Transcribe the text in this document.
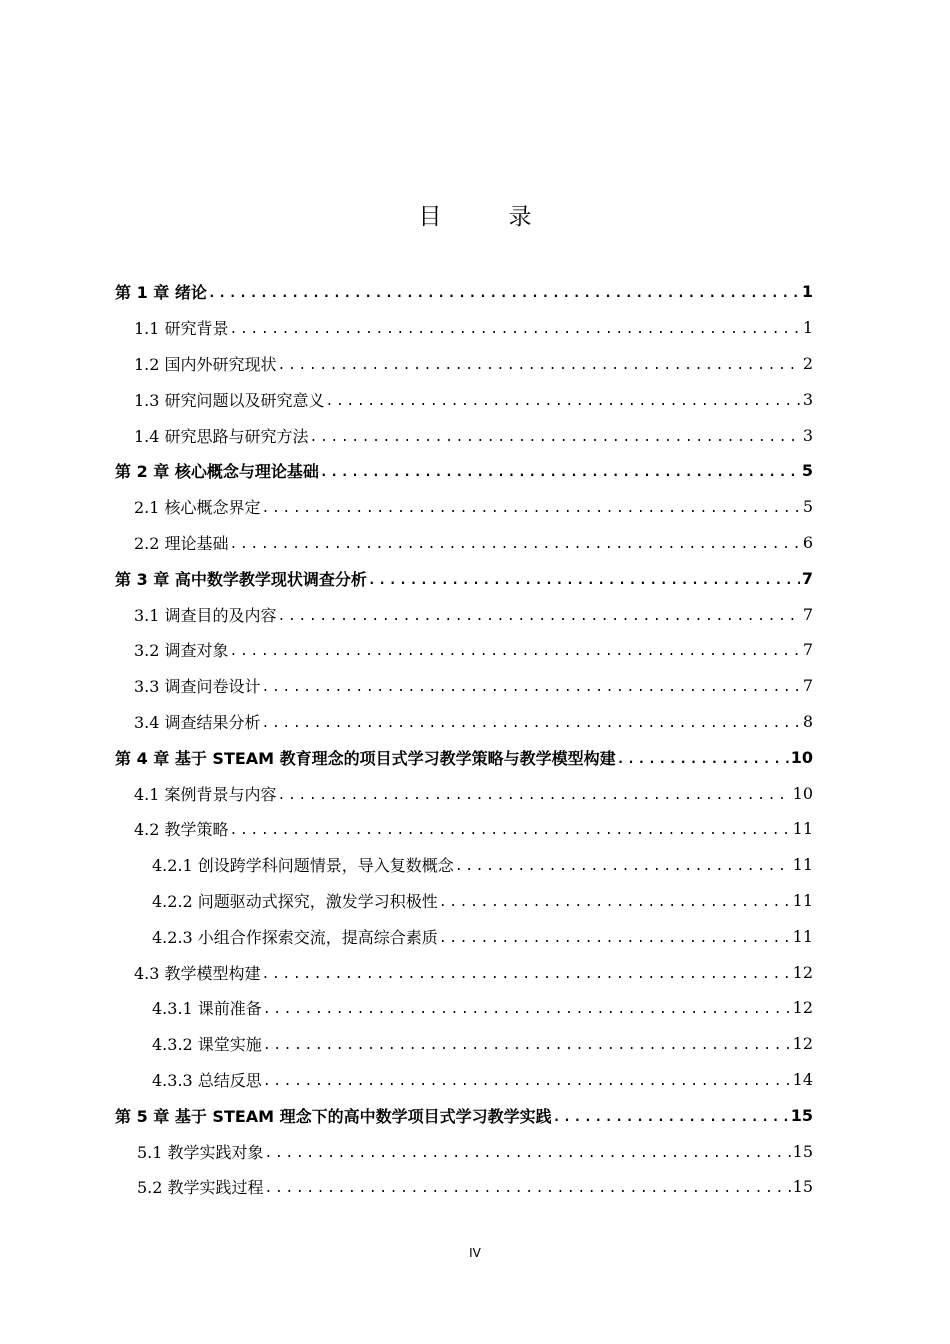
目　录
第 1 章 绪论 .....	1
1.1 研究背景 .....	1
1.2 国内外研究现状 .....	2
1.3 研究问题以及研究意义 .....	3
1.4 研究思路与研究方法 .....	3
第 2 章 核心概念与理论基础 .....	5
2.1 核心概念界定 .....	5
2.2 理论基础 .....	6
第 3 章 高中数学教学现状调查分析 .....	7
3.1 调查目的及内容 .....	7
3.2 调查对象 .....	7
3.3 调查问卷设计 .....	7
3.4 调查结果分析 .....	8
第 4 章 基于 STEAM 教育理念的项目式学习教学策略与教学模型构建 .....	10
4.1 案例背景与内容 .....	10
4.2 教学策略 .....	11
4.2.1 创设跨学科问题情景，导入复数概念 .....	11
4.2.2 问题驱动式探究，激发学习积极性 .....	11
4.2.3 小组合作探索交流，提高综合素质 .....	11
4.3 教学模型构建 .....	12
4.3.1 课前准备 .....	12
4.3.2 课堂实施 .....	12
4.3.3 总结反思 .....	14
第 5 章 基于 STEAM 理念下的高中数学项目式学习教学实践 .....	15
5.1 教学实践对象 .....	15
5.2 教学实践过程 .....	15
IV
